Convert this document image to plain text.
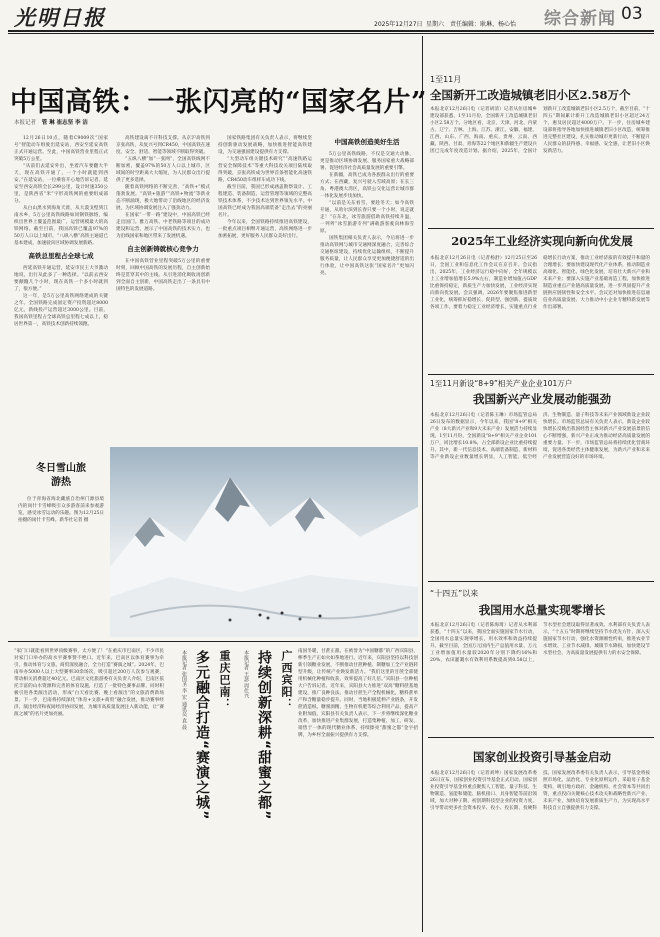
光明日报	2025年12月27日 星期六 责任编辑：耿琳、杨心怡 综合新闻 03
中国高铁：一张闪亮的“国家名片”
本报记者 管 琳 崔志坚 李 洁

12月26日10点，随着C9009次“国家号”智能动车组驶出延安站，西安至延安高铁正式开通运营。至此，中国高铁营业里程正式突破5万公里。

“从前们去延安外出，坐着汽车要翻大半天，现在高铁开通了，一个小时就能到西安。”在延安站，一位乘客开心地告诉记者。延安至西安高铁全长299公里，设计时速350公里，是陕西省“米”字形高铁网的重要组成部分。

从白山黑水到海角天涯，从大漠戈壁到江南水乡，5万公里高铁线路如同钢铁脉络，编织出世界上覆盖范围最广、运营规模最大的高铁网络。截至目前，我国高铁已覆盖97%的50万人口以上城市，“八纵八横”高铁主通道已基本建成，加速驶向区域协调发展新路。

高铁总里程占全球七成

西延高铁开通运营，延安市民王大爷激动地说，出行从此多了一种选择。“以前去西安要颠簸几个小时，现在高铁一个多小时就到了，很方便。”

这一年，是5万公里高铁网络建成的关键之年。全国铁路完成固定资产投资超过8000亿元，新线投产运营超过3000公里。目前，我国高铁里程占全球高铁总里程七成以上，稳居世界第一，高铁技术创新持续领跑。

高铁建设离不开科技支撑。从京沪高铁到京张高铁，从复兴号到CR450，中国高铁在速度、安全、舒适、智能等领域不断取得突破。

“五纵八横”加“一张网”，全国高铁线网不断加密，覆盖97%的50万人口以上城市，区域间的时空距离大大缩短，为人民群众出行提供了更多选择。

随着高铁网络的不断完善，“高铁+”模式蓬勃发展。“高铁+旅游”“高铁+物流”等新业态不断涌现，极大地带动了沿线地区的经济发展，为区域协调发展注入了强劲动力。

在国家“一带一路”建设中，中国高铁已经走出国门。雅万高铁、中老铁路等项目的成功建设和运营，展示了中国高铁的技术实力，也为沿线国家和地区带来了发展机遇。

自主创新铸就核心竞争力

在中国高铁营业里程突破5万公里的重要时刻，回顾中国高铁的发展历程，自主创新始终是贯穿其中的主线。从引进消化吸收再创新到全面自主创新，中国高铁走出了一条具有中国特色的发展道路。

国家铁路集团有关负责人表示，将继续坚持创新驱动发展战略，加快推进智能高铁建设，为交通强国建设提供有力支撑。

“大型动车组关键技术研究”“高速铁路运营安全保障技术”等重大科技攻关项目陆续取得突破，京张高铁成为世界首条智能化高速铁路，CR450动车组样车成功下线。

截至目前，我国已形成涵盖勘察设计、工程建造、装备制造、运营管理等领域的完整高铁技术体系，不少技术达到世界领先水平。中国高铁已经成为我国高端装备“走出去”的亮丽名片。

今年以来，全国铁路持续推进高铁建设，一批重点项目相继开通运营，高铁网络进一步加密拓展，更好服务人民群众美好出行。

中国高铁创造美好生活

5万公里高铁线路，不仅是交通大动脉，更是推动区域协调发展、服务国家重大战略部署、促进经济社会高质量发展的重要引擎。

在新疆，高铁已成为各族群众出行的重要方式；在西藏，复兴号驶入雪域高原；在长三角、粤港澳大湾区，高铁公交化运营让城市群一体化发展步伐加快。

“以前是关东看雪，要趁冬天；如今高铁开通，从哈尔滨到长春只要一个小时，说走就走！”在东北，冰雪旅游借助高铁持续升温，一列列“冰雪旅游专列”满载游客驶向林海雪原。

国铁集团相关负责人表示，今后将进一步推动高铁网与城市交通网深度融合，完善综合交通枢纽建设，持续优化运输组织，不断提升服务质量，让人民群众享受更加便捷舒适的出行体验，让中国高铁这张“国家名片”更加闪亮。

冬日雪山旅游热
位于青海省海北藏族自治州门源县境内的岗什卡雪峰吸引众多游客前来参观游览，感受冰雪运动的乐趣。图为12月25日拍摄的岗什卡雪峰。新华社记者 摄
“家门口就能看到世界顶级赛事，太方便了！”在重庆市巴南区，不少市民对家门口举办的高水平赛事赞不绝口。近年来，巴南区以体育赛事为牵引，推动体育与文旅、商贸深度融合，全力打造“赛演之城”。2024年，巴南举办5000人以上大型赛事30余场次，吸引超过200万人次参与观赛，带动相关消费超过40亿元。巴南区文化旅游委有关负责人介绍，巴南区依托丰富的山水资源和完善的体育设施，打造了一批特色赛事品牌，同时积极引进各类演出活动，形成“白天看比赛、晚上看演出”的文旅消费新场景。下一步，巴南将持续深化“体育+文旅+商贸”融合发展，推动赛事经济、演出经济和夜间经济协同发展，为城市高质量发展注入新动能，让“赛演之城”的名片更加亮丽。
重庆巴南：
多元融合打造“赛演之城”
本报记者 张国圣 李 宏 通讯员 袁 晨	广西宾阳：
持续创新深耕“甜蜜之都”
本报记者 王瑟 周仕兴	南国冬暖，甘蔗正甜。在被誉为“中国糖都”的广西宾阳县，榨季生产正如火如荼地进行。近年来，宾阳县坚持以科技创新引领糖业发展，不断推动甘蔗种植、制糖加工全产业链转型升级，让传统产业焕发新活力。“我们这里的甘蔗全部使用机械化种植和收获，效率提高了好几倍。”宾阳县一位种植大户告诉记者。近年来，宾阳县大力推进“双高”糖料蔗基地建设，推广良种良法，推动甘蔗生产全程机械化，糖料蔗单产和含糖量稳步提升。同时，当地积极延伸产业链条，开发蔗渣造纸、糖蜜酒精、生物有机肥等综合利用产品，提高产业附加值。宾阳县有关负责人表示，下一步将继续深化糖业改革，加快推进产业集群发展，打造集种植、加工、研发、销售于一体的现代糖业体系，持续擦亮“甜蜜之都”金字招牌，为乡村全面振兴提供有力支撑。
1至11月
全国新开工改造城镇老旧小区2.58万个
本报北京12月26日电（记者胡清）记者从住房城乡建设部获悉，1至11月份，全国新开工改造城镇老旧小区2.58万个。分地区看，北京、天津、河北、内蒙古、辽宁、吉林、上海、江苏、浙江、安徽、福建、江西、山东、广西、海南、重庆、贵州、云南、西藏、陕西、甘肃、青海等22个地区和新疆生产建设兵团已完成年度改造计划。据介绍，2025年，全国计划新开工改造城镇老旧小区2.5万个，截至目前，“十四五”期间累计新开工改造城镇老旧小区超过24万个，惠及居民超过4000万户。下一步，住房城乡建设部将指导各地加快推进城镇老旧小区改造，统筹推进完整社区建设，扎实推动城市更新行动，不断提升人民群众的获得感、幸福感、安全感，让老旧小区焕发新活力。
2025年工业经济实现向新向优发展
本报北京12月26日电（记者杨舒）12月25日至26日，全国工业和信息化工作会议在京召开。会议指出，2025年，工业经济运行稳中向好，全年规模以上工业增加值增长5.9%左右，制造业增加值占GDP比重保持稳定，新质生产力加快发展，工业经济实现向新向优发展。会议强调，2026年要聚焦推进新型工业化，统筹抓好稳增长、促转型、强创新、提质效各项工作。要着力稳定工业经济增长，实施重点行业稳增长行动方案，推动工业经济质的有效提升和量的合理增长；要加快建设现代化产业体系，推动制造业高端化、智能化、绿色化发展，培育壮大新兴产业和未来产业；要深入实施产业基础再造工程，加快推进制造业重点产业链高质量发展，进一步巩固提升产业链供应链韧性和安全水平。会议还对加快推进信息通信业高质量发展、大力推动中小企业专精特新发展等作出部署。
1至11月新设“8+9”相关产业企业101万户
我国新兴产业发展动能强劲
本报北京12月26日电（记者陈玉琳）市场监管总局26日发布的数据显示，今年以来，我国“8+9”相关产业（8大新兴产业和9大未来产业）发展活力持续显现。1至11月份，全国新设“8+9”相关产业企业101万户，同比增长10.8%，占全部新设企业比重持续提升。其中，新一代信息技术、高端装备制造、新材料等产业新设企业数量增长明显，人工智能、低空经济、生物制造、量子科技等未来产业领域新设企业较快增长。市场监管总局有关负责人表示，新设企业较快增长反映出我国经营主体对新兴产业发展前景的信心不断增强，新兴产业正成为推动经济高质量发展的重要力量。下一步，市场监管总局将持续优化营商环境，促进各类经营主体健康发展，为新兴产业和未来产业发展营造良好的市场环境。
“十四五”以来
我国用水总量实现零增长
本报北京12月26日电（记者陈海琦）记者从水利部获悉，“十四五”以来，我国全面实施国家节水行动，全国用水总量实现零增长，用水效率和效益持续提升。截至目前，全国万元国内生产总值用水量、万元工业增加值用水量较2020年分别下降约16%和20%，农田灌溉水有效利用系数提高到0.58以上，节水型社会建设取得显著成效。水利部有关负责人表示，“十五五”时期将继续坚持节水优先方针，深入实施国家节水行动，强化水资源刚性约束，推进农业节水增效、工业节水减排、城镇节水降损，加快建设节水型社会，为高质量发展提供有力的水安全保障。
国家创业投资引导基金启动
本报北京12月26日电（记者刘坤）国家发展改革委26日宣布，国家创业投资引导基金正式启动。国家创业投资引导基金将重点聚焦人工智能、量子科技、生物制造、氢能和储能、脑机接口、具身智能等前沿领域，加大对种子期、初创期科技型企业的投资力度，引导带动更多社会资本投早、投小、投长期、投硬科技。国家发展改革委有关负责人表示，引导基金将按照市场化、法治化、专业化原则运作，采取母子基金架构，吸引地方政府、金融机构、社会资本等共同出资，重点投向关键核心技术攻关和战略性新兴产业、未来产业，加快培育发展新质生产力，为实现高水平科技自立自强提供有力支撑。
